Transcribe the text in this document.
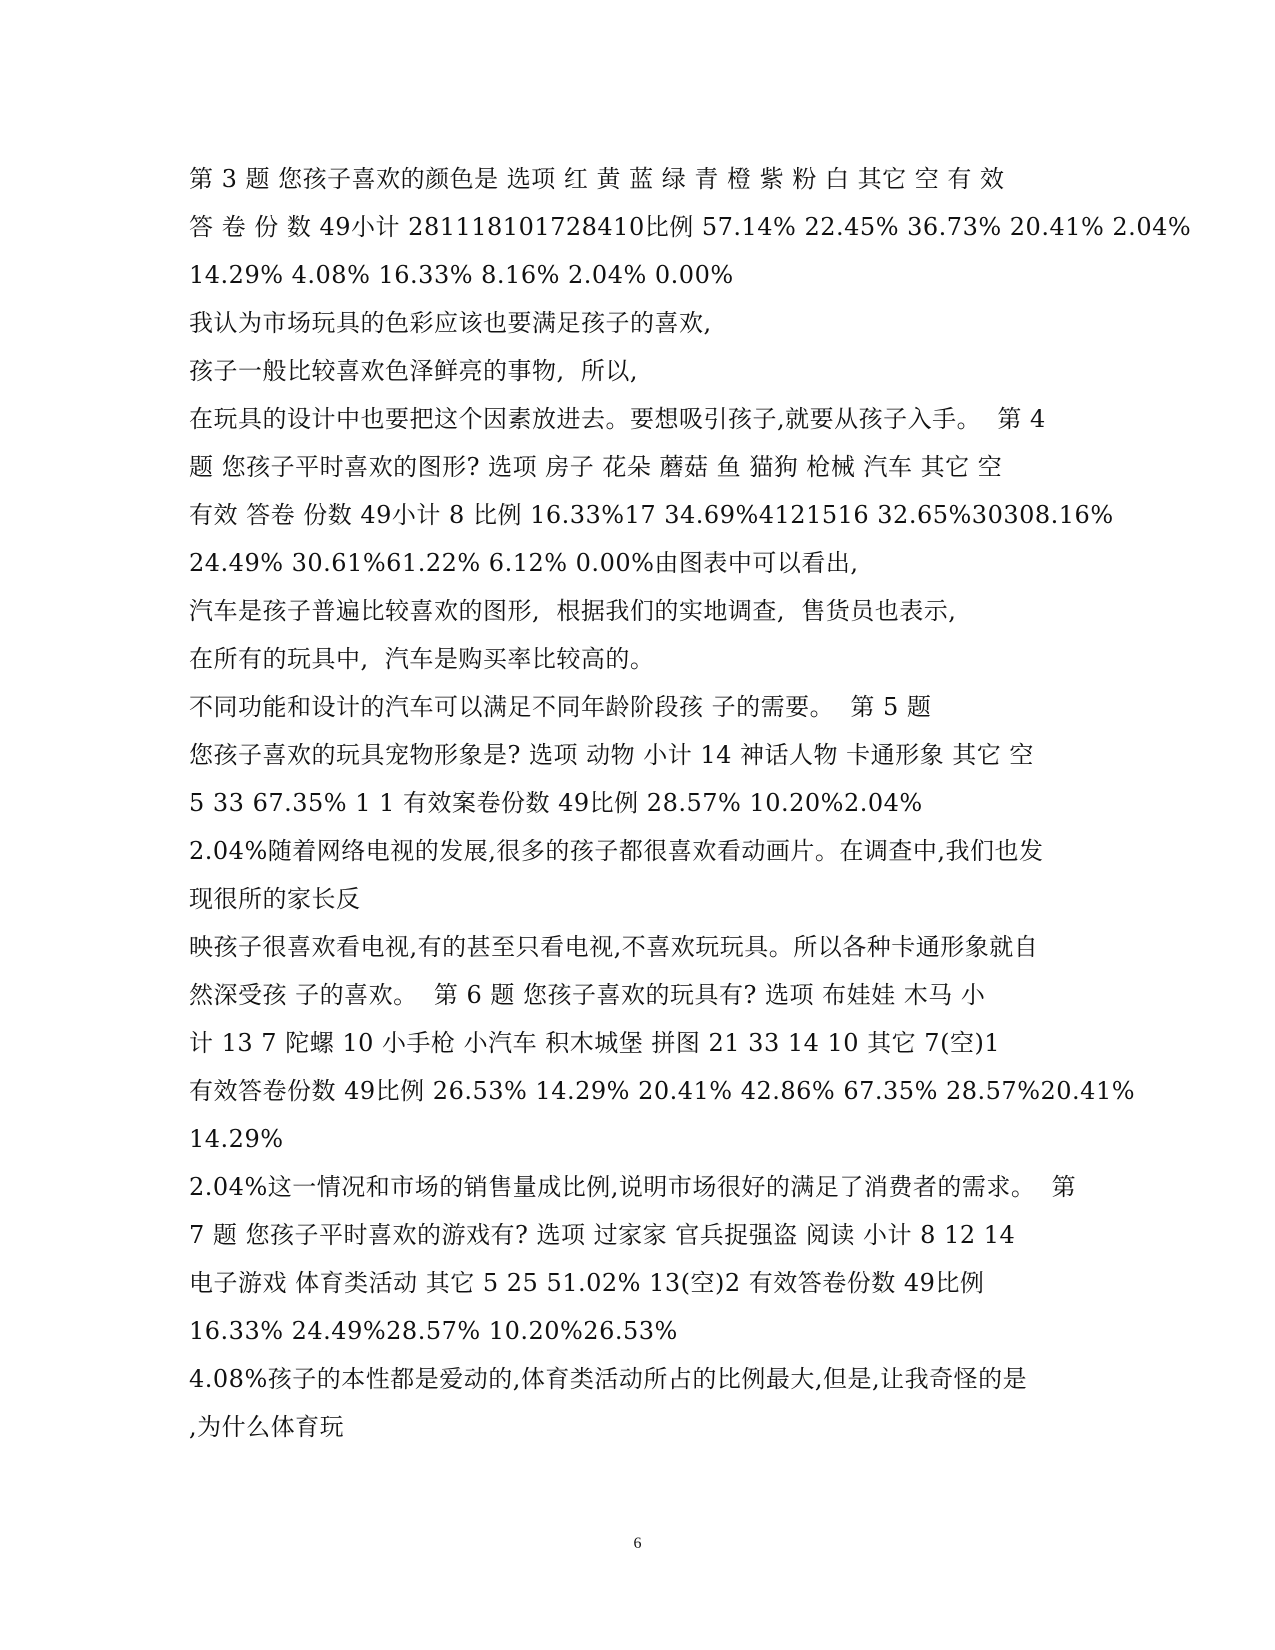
第 3 题 您孩子喜欢的颜色是 选项 红 黄 蓝 绿 青 橙 紫 粉 白 其它 空 有 效
答 卷 份 数 49小计 281118101728410比例 57.14% 22.45% 36.73% 20.41% 2.04%
14.29% 4.08% 16.33% 8.16% 2.04% 0.00%
我认为市场玩具的色彩应该也要满足孩子的喜欢,
孩子一般比较喜欢色泽鲜亮的事物,  所以,
在玩具的设计中也要把这个因素放进去。要想吸引孩子,就要从孩子入手。  第 4
题 您孩子平时喜欢的图形? 选项 房子 花朵 蘑菇 鱼 猫狗 枪械 汽车 其它 空
有效 答卷 份数 49小计 8 比例 16.33%17 34.69%4121516 32.65%30308.16%
24.49% 30.61%61.22% 6.12% 0.00%由图表中可以看出,
汽车是孩子普遍比较喜欢的图形,  根据我们的实地调查,  售货员也表示,
在所有的玩具中,  汽车是购买率比较高的。
不同功能和设计的汽车可以满足不同年龄阶段孩 子的需要。  第 5 题
您孩子喜欢的玩具宠物形象是? 选项 动物 小计 14 神话人物 卡通形象 其它 空
5 33 67.35% 1 1 有效案卷份数 49比例 28.57% 10.20%2.04%
2.04%随着网络电视的发展,很多的孩子都很喜欢看动画片。在调查中,我们也发
现很所的家长反
映孩子很喜欢看电视,有的甚至只看电视,不喜欢玩玩具。所以各种卡通形象就自
然深受孩 子的喜欢。  第 6 题 您孩子喜欢的玩具有? 选项 布娃娃 木马 小
计 13 7 陀螺 10 小手枪 小汽车 积木城堡 拼图 21 33 14 10 其它 7(空)1
有效答卷份数 49比例 26.53% 14.29% 20.41% 42.86% 67.35% 28.57%20.41%
14.29%
2.04%这一情况和市场的销售量成比例,说明市场很好的满足了消费者的需求。  第
7 题 您孩子平时喜欢的游戏有? 选项 过家家 官兵捉强盗 阅读 小计 8 12 14
电子游戏 体育类活动 其它 5 25 51.02% 13(空)2 有效答卷份数 49比例
16.33% 24.49%28.57% 10.20%26.53%
4.08%孩子的本性都是爱动的,体育类活动所占的比例最大,但是,让我奇怪的是
,为什么体育玩
6
